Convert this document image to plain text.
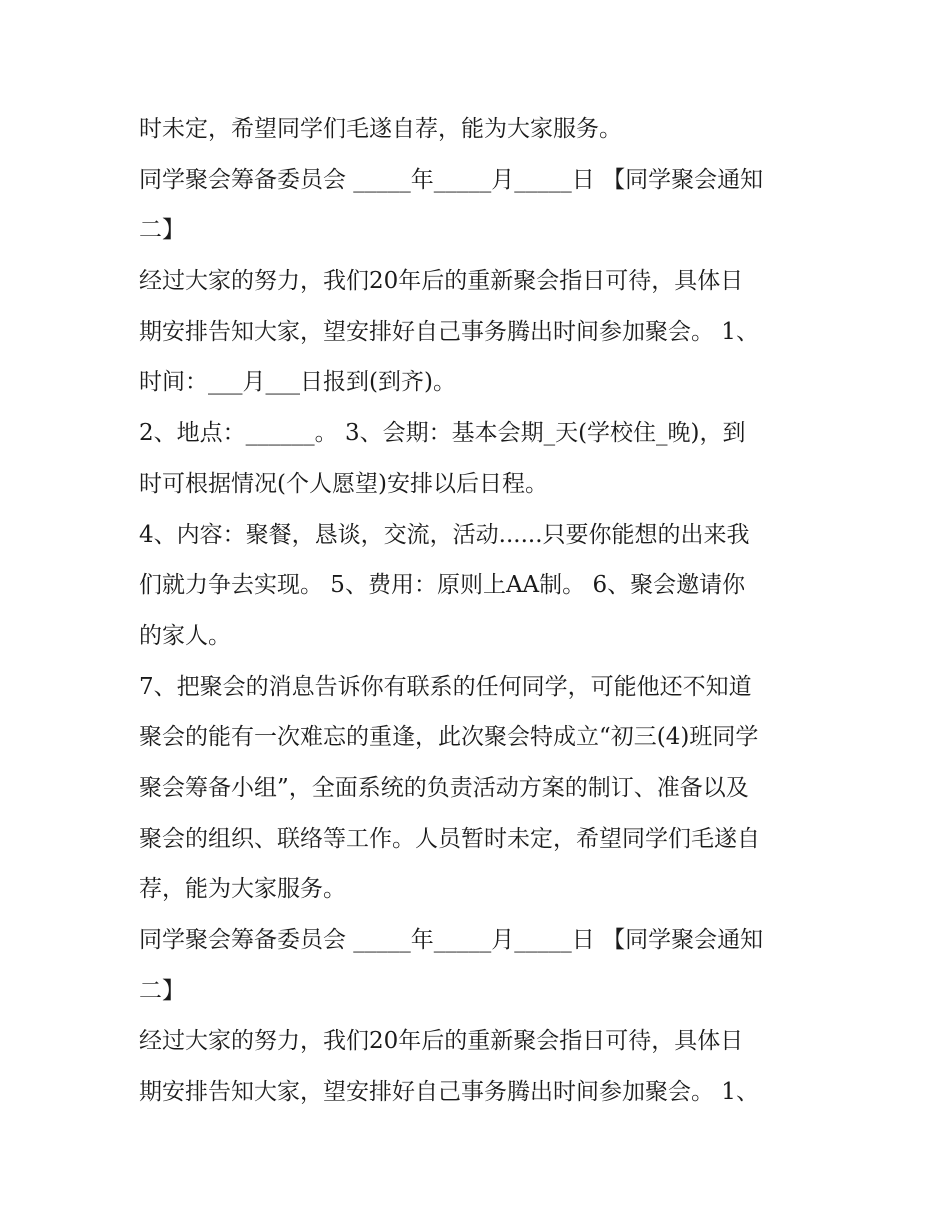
时未定，希望同学们毛遂自荐，能为大家服务。
同学聚会筹备委员会 _____年_____月_____日 【同学聚会通知
二】
经过大家的努力，我们20年后的重新聚会指日可待，具体日
期安排告知大家，望安排好自己事务腾出时间参加聚会。 1、
时间：___月___日报到(到齐)。
2、地点：______。 3、会期：基本会期_天(学校住_晚)，到
时可根据情况(个人愿望)安排以后日程。
4、内容：聚餐，恳谈，交流，活动......只要你能想的出来我
们就力争去实现。 5、费用：原则上AA制。 6、聚会邀请你
的家人。
7、把聚会的消息告诉你有联系的任何同学，可能他还不知道
聚会的能有一次难忘的重逢，此次聚会特成立“初三(4)班同学
聚会筹备小组”，全面系统的负责活动方案的制订、准备以及
聚会的组织、联络等工作。人员暂时未定，希望同学们毛遂自
荐，能为大家服务。
同学聚会筹备委员会 _____年_____月_____日 【同学聚会通知
二】
经过大家的努力，我们20年后的重新聚会指日可待，具体日
期安排告知大家，望安排好自己事务腾出时间参加聚会。 1、
